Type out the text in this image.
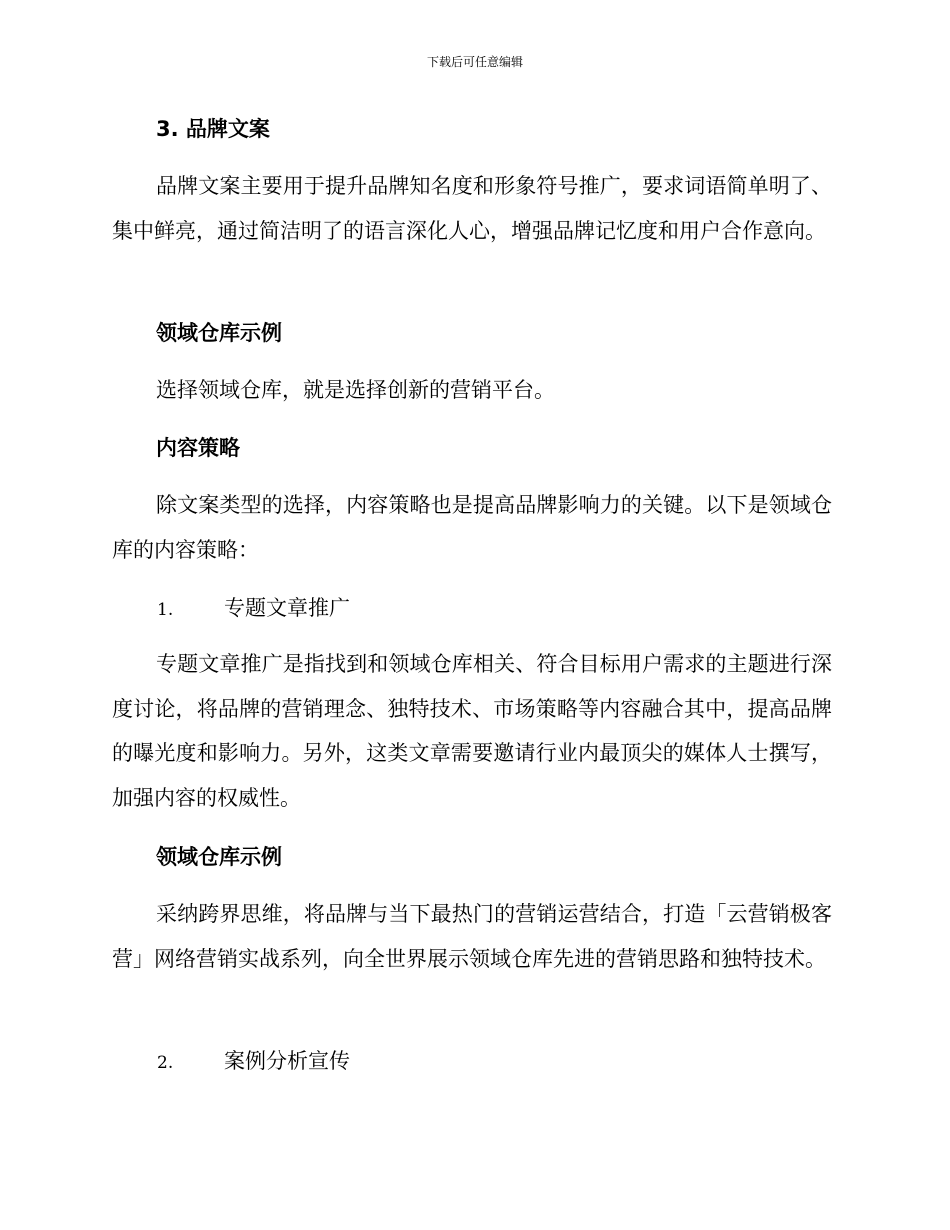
下载后可任意编辑
3. 品牌文案

品牌文案主要用于提升品牌知名度和形象符号推广，要求词语简单明了、集中鲜亮，通过简洁明了的语言深化人心，增强品牌记忆度和用户合作意向。

领域仓库示例

选择领域仓库，就是选择创新的营销平台。

内容策略

除文案类型的选择，内容策略也是提高品牌影响力的关键。以下是领域仓库的内容策略：

1. 专题文章推广

专题文章推广是指找到和领域仓库相关、符合目标用户需求的主题进行深度讨论，将品牌的营销理念、独特技术、市场策略等内容融合其中，提高品牌的曝光度和影响力。另外，这类文章需要邀请行业内最顶尖的媒体人士撰写，加强内容的权威性。

领域仓库示例

采纳跨界思维，将品牌与当下最热门的营销运营结合，打造「云营销极客营」网络营销实战系列，向全世界展示领域仓库先进的营销思路和独特技术。

2. 案例分析宣传
